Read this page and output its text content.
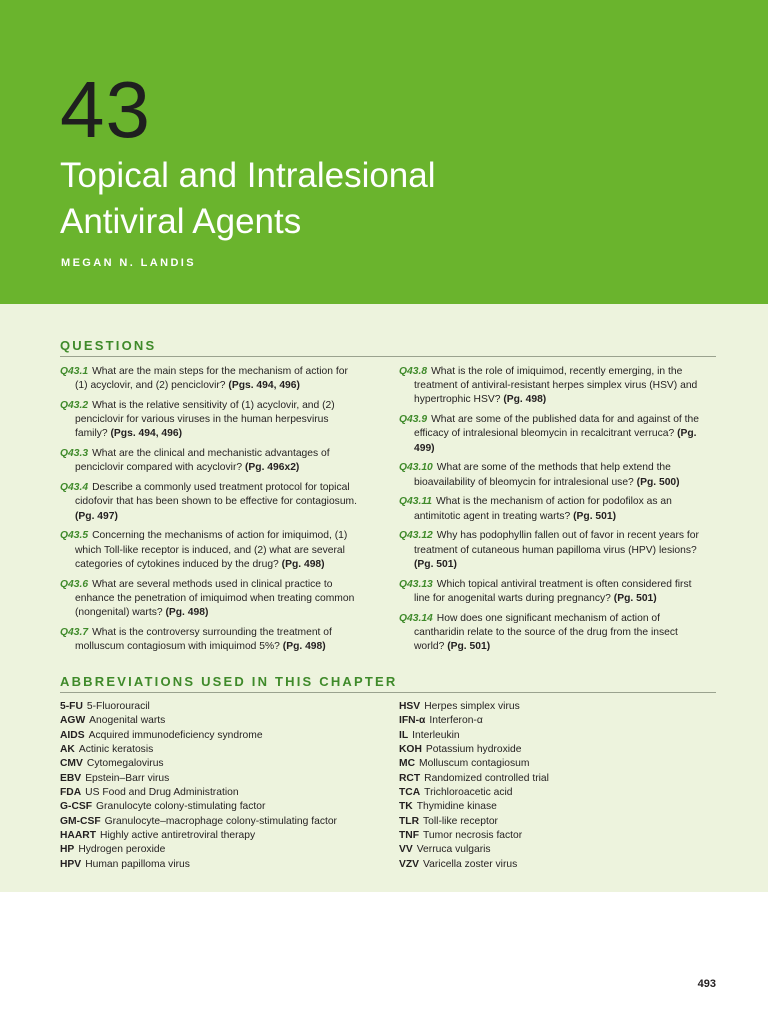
43
Topical and Intralesional
Antiviral Agents
MEGAN N. LANDIS
QUESTIONS
Q43.1 What are the main steps for the mechanism of action for (1) acyclovir, and (2) penciclovir? (Pgs. 494, 496)
Q43.2 What is the relative sensitivity of (1) acyclovir, and (2) penciclovir for various viruses in the human herpesvirus family? (Pgs. 494, 496)
Q43.3 What are the clinical and mechanistic advantages of penciclovir compared with acyclovir? (Pg. 496x2)
Q43.4 Describe a commonly used treatment protocol for topical cidofovir that has been shown to be effective for contagiosum. (Pg. 497)
Q43.5 Concerning the mechanisms of action for imiquimod, (1) which Toll-like receptor is induced, and (2) what are several categories of cytokines induced by the drug? (Pg. 498)
Q43.6 What are several methods used in clinical practice to enhance the penetration of imiquimod when treating common (nongenital) warts? (Pg. 498)
Q43.7 What is the controversy surrounding the treatment of molluscum contagiosum with imiquimod 5%? (Pg. 498)
Q43.8 What is the role of imiquimod, recently emerging, in the treatment of antiviral-resistant herpes simplex virus (HSV) and hypertrophic HSV? (Pg. 498)
Q43.9 What are some of the published data for and against of the efficacy of intralesional bleomycin in recalcitrant verruca? (Pg. 499)
Q43.10 What are some of the methods that help extend the bioavailability of bleomycin for intralesional use? (Pg. 500)
Q43.11 What is the mechanism of action for podofilox as an antimitotic agent in treating warts? (Pg. 501)
Q43.12 Why has podophyllin fallen out of favor in recent years for treatment of cutaneous human papilloma virus (HPV) lesions? (Pg. 501)
Q43.13 Which topical antiviral treatment is often considered first line for anogenital warts during pregnancy? (Pg. 501)
Q43.14 How does one significant mechanism of action of cantharidin relate to the source of the drug from the insect world? (Pg. 501)
ABBREVIATIONS USED IN THIS CHAPTER
5-FU 5-Fluorouracil
AGW Anogenital warts
AIDS Acquired immunodeficiency syndrome
AK Actinic keratosis
CMV Cytomegalovirus
EBV Epstein–Barr virus
FDA US Food and Drug Administration
G-CSF Granulocyte colony-stimulating factor
GM-CSF Granulocyte–macrophage colony-stimulating factor
HAART Highly active antiretroviral therapy
HP Hydrogen peroxide
HPV Human papilloma virus
HSV Herpes simplex virus
IFN-α Interferon-α
IL Interleukin
KOH Potassium hydroxide
MC Molluscum contagiosum
RCT Randomized controlled trial
TCA Trichloroacetic acid
TK Thymidine kinase
TLR Toll-like receptor
TNF Tumor necrosis factor
VV Verruca vulgaris
VZV Varicella zoster virus
493
